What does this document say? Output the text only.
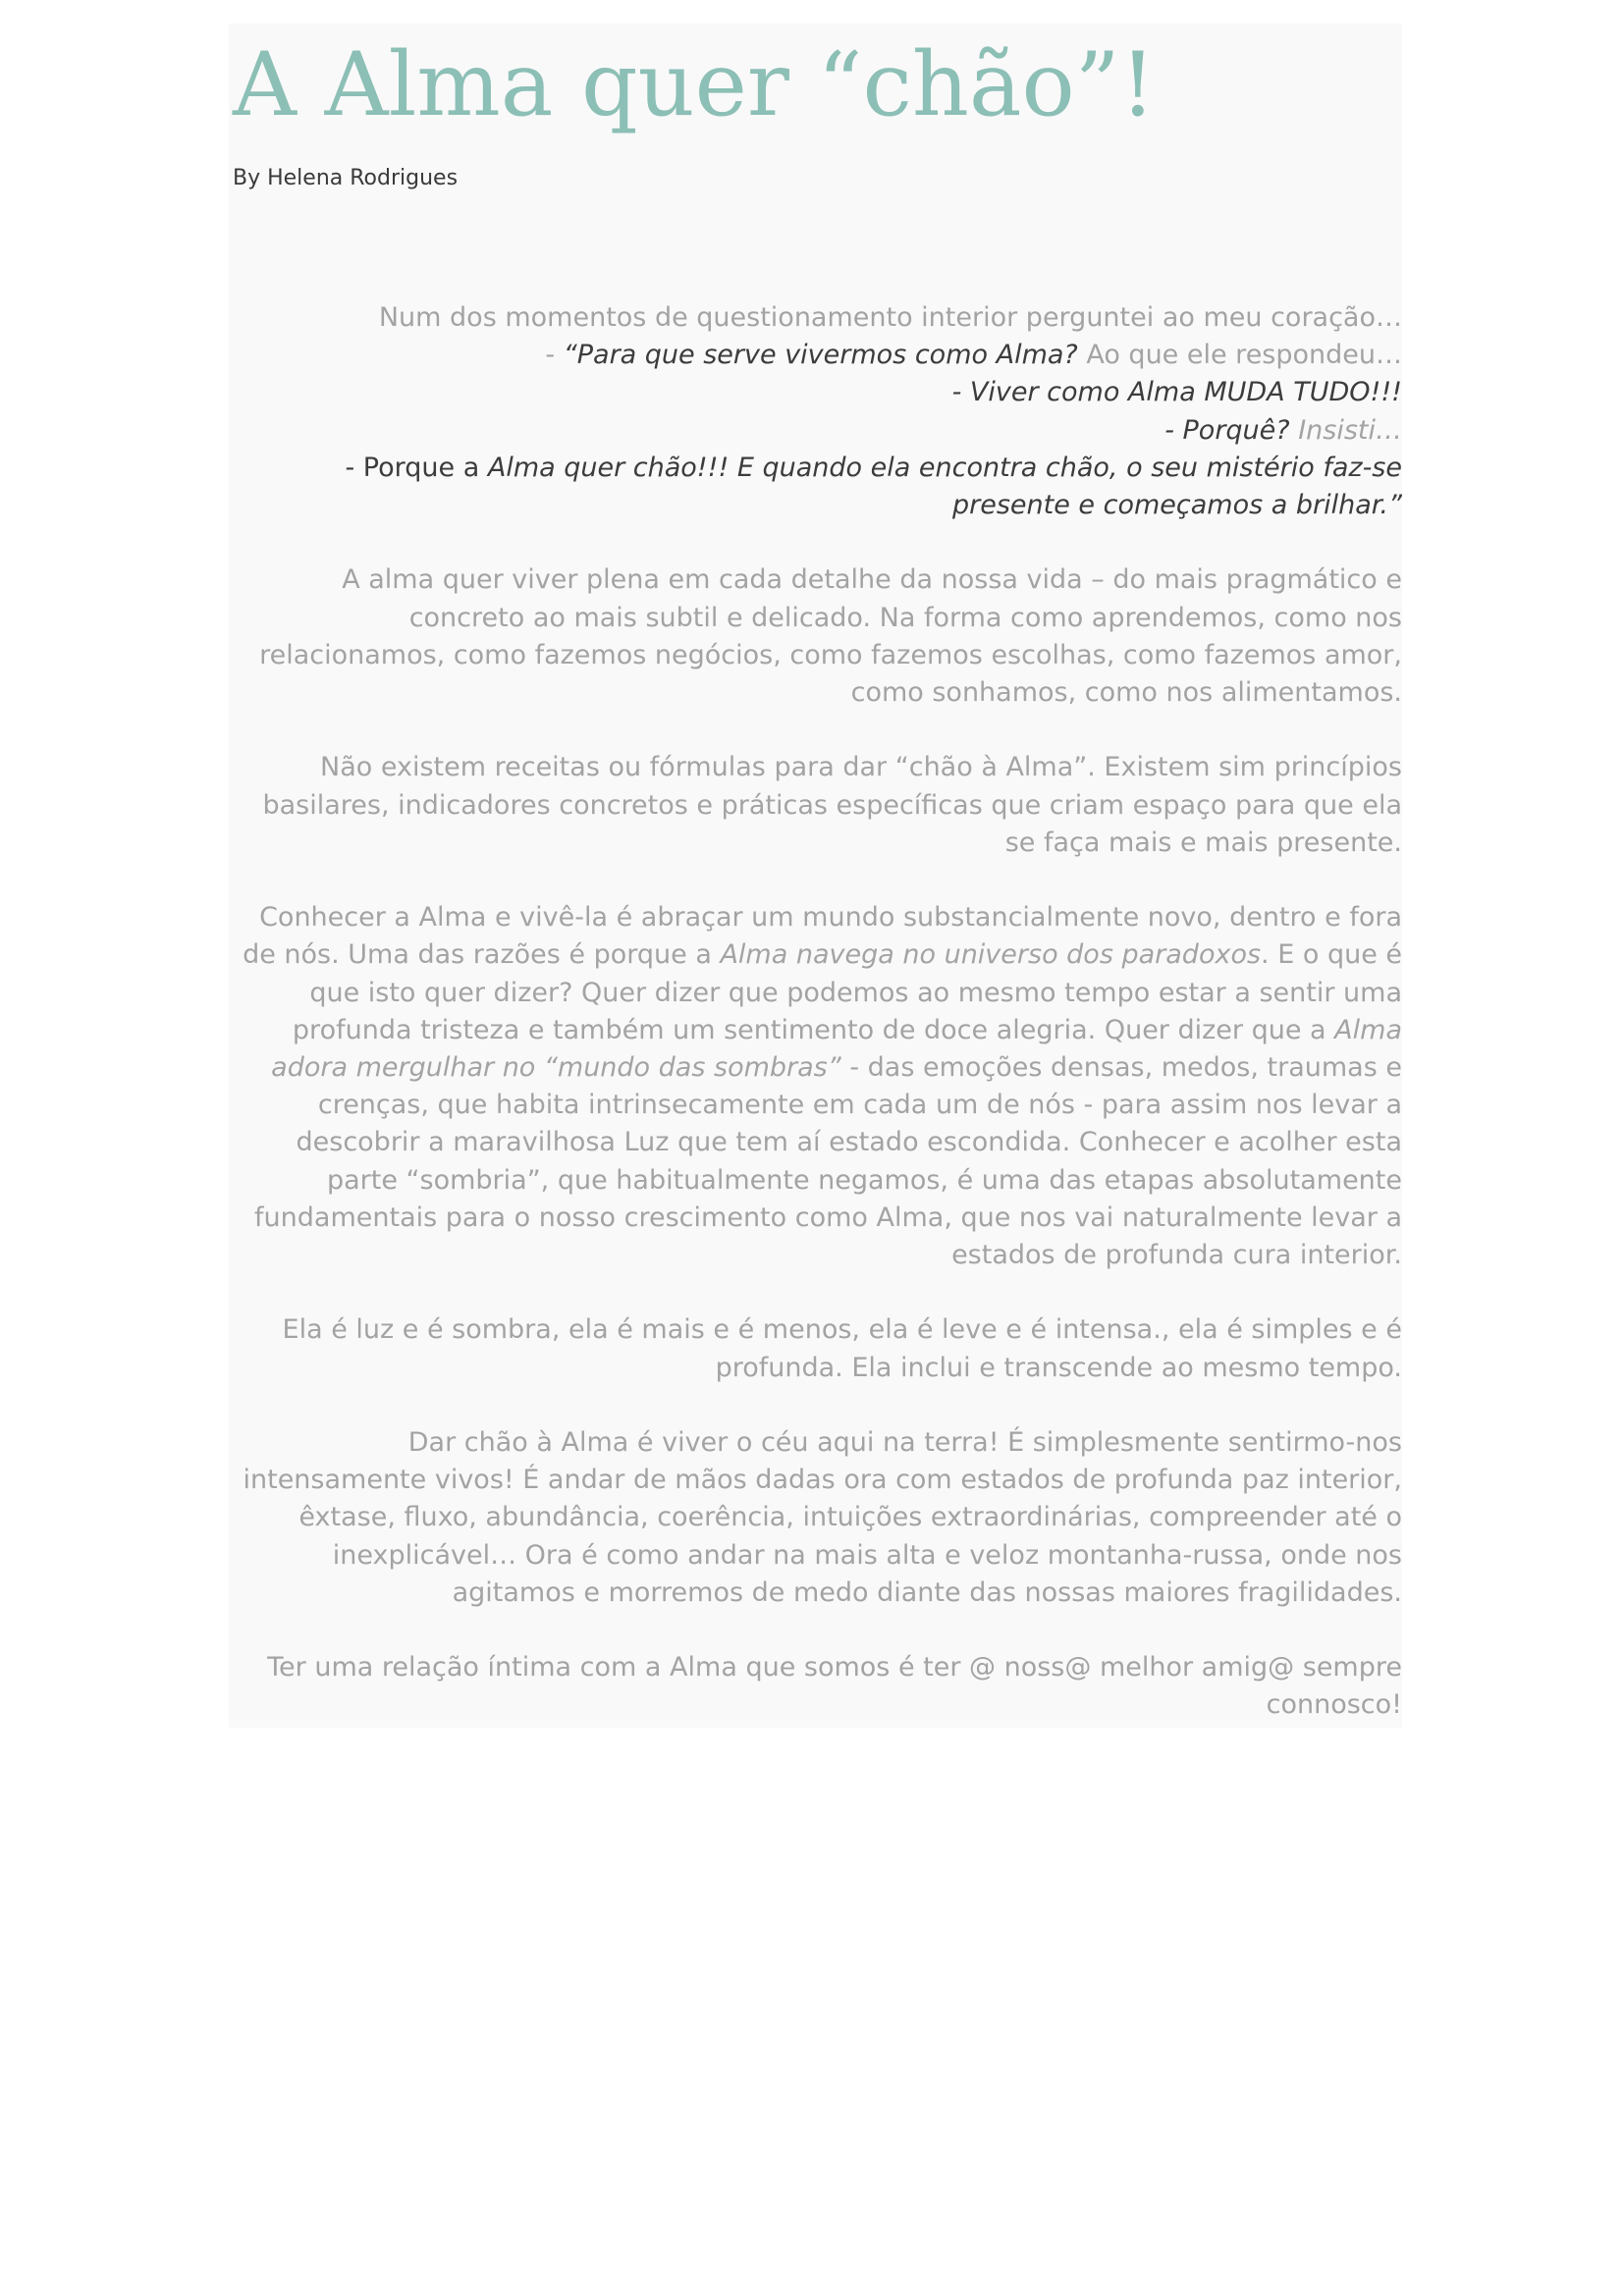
A Alma quer “chão”!
By Helena Rodrigues

Num dos momentos de questionamento interior perguntei ao meu coração…

- “Para que serve vivermos como Alma? Ao que ele respondeu…

- Viver como Alma MUDA TUDO!!!

- Porquê? Insisti…

- Porque a Alma quer chão!!! E quando ela encontra chão, o seu mistério faz-se presente e começamos a brilhar.”

A alma quer viver plena em cada detalhe da nossa vida – do mais pragmático e concreto ao mais subtil e delicado. Na forma como aprendemos, como nos relacionamos, como fazemos negócios, como fazemos escolhas, como fazemos amor, como sonhamos, como nos alimentamos.

Não existem receitas ou fórmulas para dar “chão à Alma”. Existem sim princípios basilares, indicadores concretos e práticas específicas que criam espaço para que ela se faça mais e mais presente.

Conhecer a Alma e vivê-la é abraçar um mundo substancialmente novo, dentro e fora de nós. Uma das razões é porque a Alma navega no universo dos paradoxos. E o que é que isto quer dizer? Quer dizer que podemos ao mesmo tempo estar a sentir uma profunda tristeza e também um sentimento de doce alegria. Quer dizer que a Alma adora mergulhar no “mundo das sombras” - das emoções densas, medos, traumas e crenças, que habita intrinsecamente em cada um de nós - para assim nos levar a descobrir a maravilhosa Luz que tem aí estado escondida. Conhecer e acolher esta parte “sombria”, que habitualmente negamos, é uma das etapas absolutamente fundamentais para o nosso crescimento como Alma, que nos vai naturalmente levar a estados de profunda cura interior.

Ela é luz e é sombra, ela é mais e é menos, ela é leve e é intensa., ela é simples e é profunda. Ela inclui e transcende ao mesmo tempo.

Dar chão à Alma é viver o céu aqui na terra! É simplesmente sentirmo-nos intensamente vivos! É andar de mãos dadas ora com estados de profunda paz interior, êxtase, fluxo, abundância, coerência, intuições extraordinárias, compreender até o inexplicável… Ora é como andar na mais alta e veloz montanha-russa, onde nos agitamos e morremos de medo diante das nossas maiores fragilidades.

Ter uma relação íntima com a Alma que somos é ter @ noss@ melhor amig@ sempre connosco!
